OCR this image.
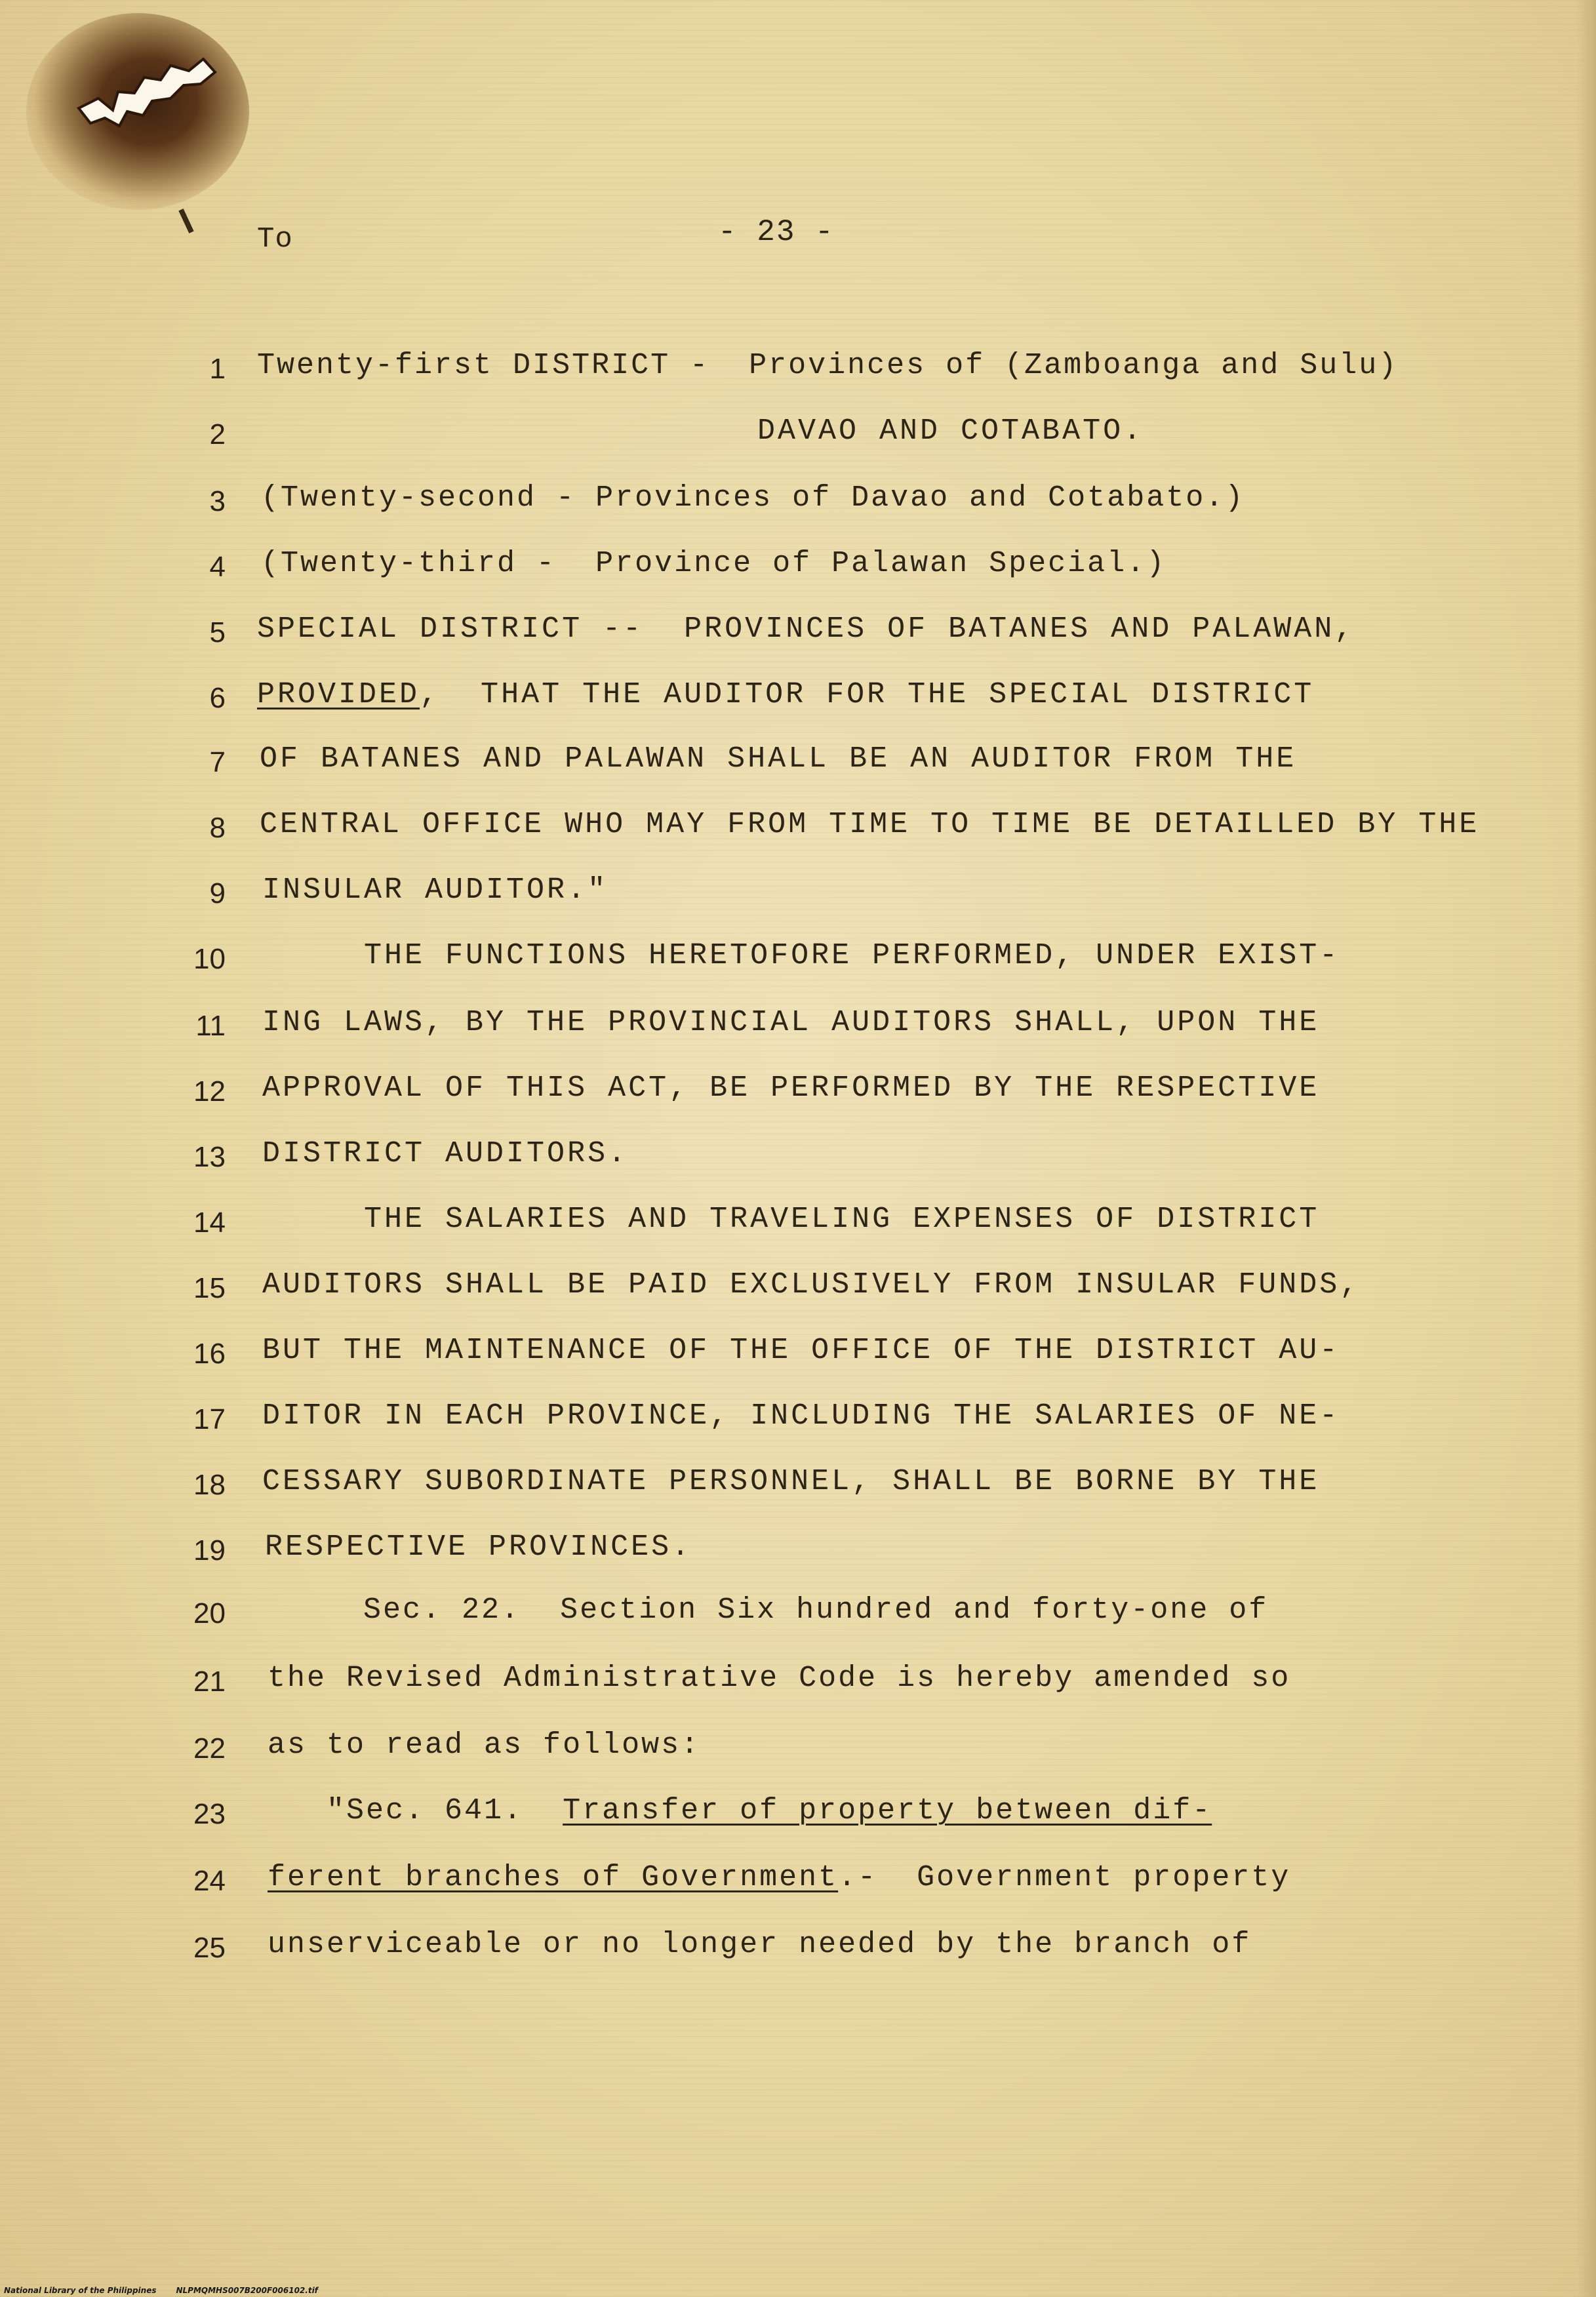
To	- 23 -
1 Twenty-first DISTRICT -  Provinces of (Zamboanga and Sulu)
2	DAVAO AND COTABATO.
3 (Twenty-second - Provinces of Davao and Cotabato.)
4 (Twenty-third -  Province of Palawan Special.)
5 SPECIAL DISTRICT --  PROVINCES OF BATANES AND PALAWAN,
6 PROVIDED,  THAT THE AUDITOR FOR THE SPECIAL DISTRICT
7 OF BATANES AND PALAWAN SHALL BE AN AUDITOR FROM THE
8 CENTRAL OFFICE WHO MAY FROM TIME TO TIME BE DETAILLED BY THE
9 INSULAR AUDITOR."
10 THE FUNCTIONS HERETOFORE PERFORMED, UNDER EXIST-
11 ING LAWS, BY THE PROVINCIAL AUDITORS SHALL, UPON THE
12 APPROVAL OF THIS ACT, BE PERFORMED BY THE RESPECTIVE
13 DISTRICT AUDITORS.
14 THE SALARIES AND TRAVELING EXPENSES OF DISTRICT
15 AUDITORS SHALL BE PAID EXCLUSIVELY FROM INSULAR FUNDS,
16 BUT THE MAINTENANCE OF THE OFFICE OF THE DISTRICT AU-
17 DITOR IN EACH PROVINCE, INCLUDING THE SALARIES OF NE-
18 CESSARY SUBORDINATE PERSONNEL, SHALL BE BORNE BY THE
19 RESPECTIVE PROVINCES.
20 Sec. 22.  Section Six hundred and forty-one of
21 the Revised Administrative Code is hereby amended so
22 as to read as follows:
23 "Sec. 641.  Transfer of property between dif-
24 ferent branches of Government.-  Government property
25 unserviceable or no longer needed by the branch of
National Library of the Philippines	NLPMQMHS007B200F006102.tif
